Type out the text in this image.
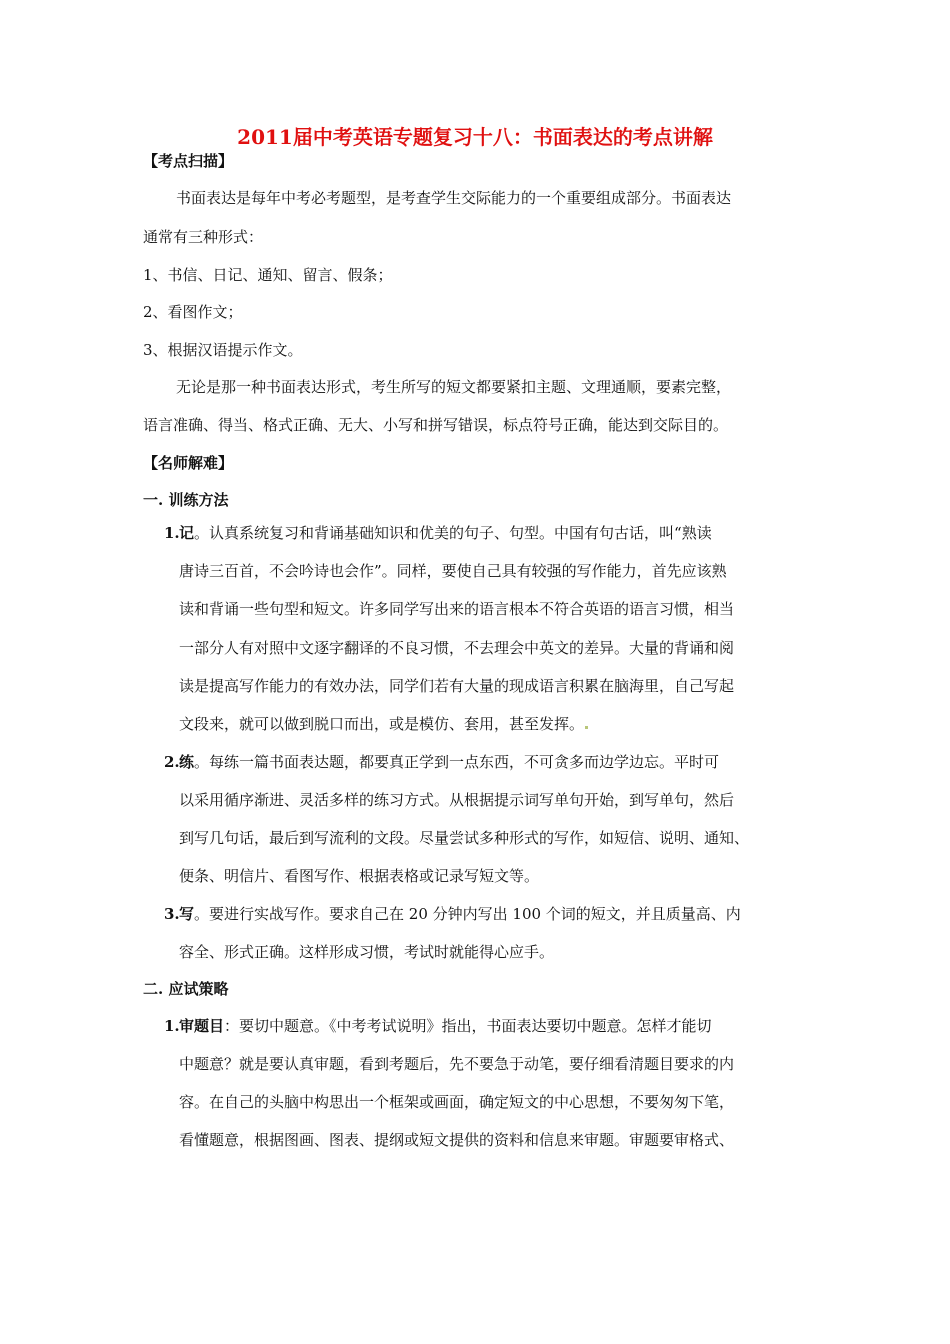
2011届中考英语专题复习十八：书面表达的考点讲解
【考点扫描】
书面表达是每年中考必考题型，是考查学生交际能力的一个重要组成部分。书面表达
通常有三种形式：
1、书信、日记、通知、留言、假条；
2、看图作文；
3、根据汉语提示作文。
无论是那一种书面表达形式，考生所写的短文都要紧扣主题、文理通顺，要素完整，
语言准确、得当、格式正确、无大、小写和拼写错误，标点符号正确，能达到交际目的。
【名师解难】
一. 训练方法
1. 记。认真系统复习和背诵基础知识和优美的句子、句型。中国有句古话，叫“熟读
唐诗三百首，不会吟诗也会作”。同样，要使自己具有较强的写作能力，首先应该熟
读和背诵一些句型和短文。许多同学写出来的语言根本不符合英语的语言习惯，相当
一部分人有对照中文逐字翻译的不良习惯，不去理会中英文的差异。大量的背诵和阅
读是提高写作能力的有效办法，同学们若有大量的现成语言积累在脑海里，自己写起
文段来，就可以做到脱口而出，或是模仿、套用，甚至发挥。
2. 练。每练一篇书面表达题，都要真正学到一点东西，不可贪多而边学边忘。平时可
以采用循序渐进、灵活多样的练习方式。从根据提示词写单句开始，到写单句，然后
到写几句话，最后到写流利的文段。尽量尝试多种形式的写作，如短信、说明、通知、
便条、明信片、看图写作、根据表格或记录写短文等。
3. 写。要进行实战写作。要求自己在 20 分钟内写出 100 个词的短文，并且质量高、内
容全、形式正确。这样形成习惯，考试时就能得心应手。
二. 应试策略
1. 审题目：要切中题意。《中考考试说明》指出，书面表达要切中题意。怎样才能切
中题意？就是要认真审题，看到考题后，先不要急于动笔，要仔细看清题目要求的内
容。在自己的头脑中构思出一个框架或画面，确定短文的中心思想，不要匆匆下笔，
看懂题意，根据图画、图表、提纲或短文提供的资料和信息来审题。审题要审格式、
